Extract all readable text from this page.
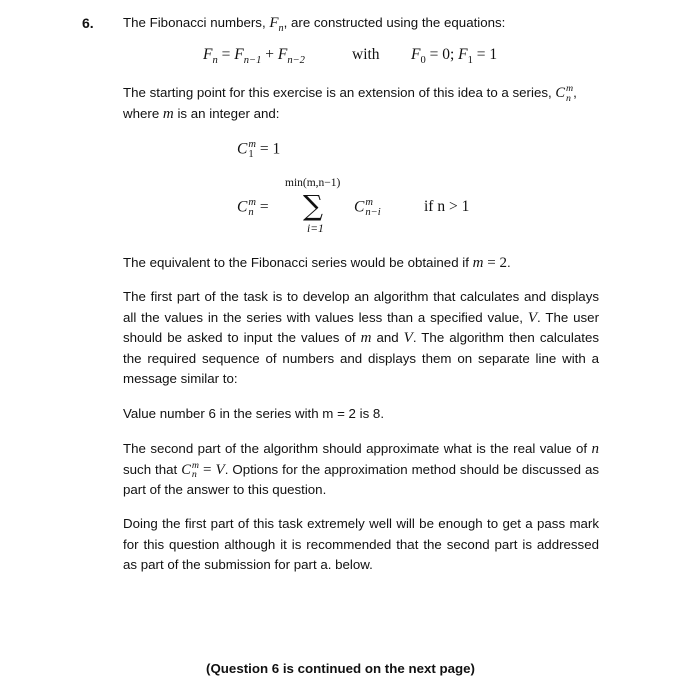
6. The Fibonacci numbers, $F_n$, are constructed using the equations:
$F_n = F_{n-1} + F_{n-2}$	with $F_0 = 0$; $F_1 = 1$
The starting point for this exercise is an extension of this idea to a series, C m
n ,
where m is an integer and:
C m
1 = 1
C m
n =
min(m,n−1)
∑
i=1
C m
n−i	if n > 1
The equivalent to the Fibonacci series would be obtained if m = 2.
The first part of the task is to develop an algorithm that calculates and displays all the values in the series with values less than a specified value, V. The user should be asked to input the values of m and V. The algorithm then calculates the required sequence of numbers and displays them on separate line with a message similar to:
Value number 6 in the series with m = 2 is 8.
The second part of the algorithm should approximate what is the real value of n such that C m
n = V. Options for the approximation method should be discussed as part of the answer to this question.
Doing the first part of this task extremely well will be enough to get a pass mark for this question although it is recommended that the second part is addressed as part of the submission for part a. below.
(Question 6 is continued on the next page)
